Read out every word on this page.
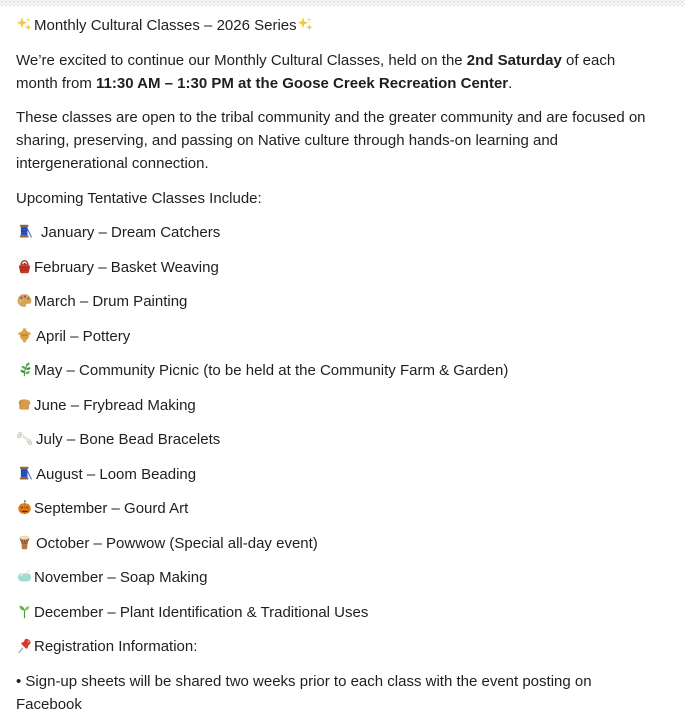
Monthly Cultural Classes – 2026 Series

We’re excited to continue our Monthly Cultural Classes, held on the 2nd Saturday of each month from 11:30 AM – 1:30 PM at the Goose Creek Recreation Center.

These classes are open to the tribal community and the greater community and are focused on sharing, preserving, and passing on Native culture through hands-on learning and intergenerational connection.

Upcoming Tentative Classes Include:

January – Dream Catchers

February – Basket Weaving

March – Drum Painting

April – Pottery

May – Community Picnic (to be held at the Community Farm & Garden)

June – Frybread Making

July – Bone Bead Bracelets

August – Loom Beading

September – Gourd Art

October – Powwow (Special all-day event)

November – Soap Making

December – Plant Identification & Traditional Uses

Registration Information:

• Sign-up sheets will be shared two weeks prior to each class with the event posting on Facebook
